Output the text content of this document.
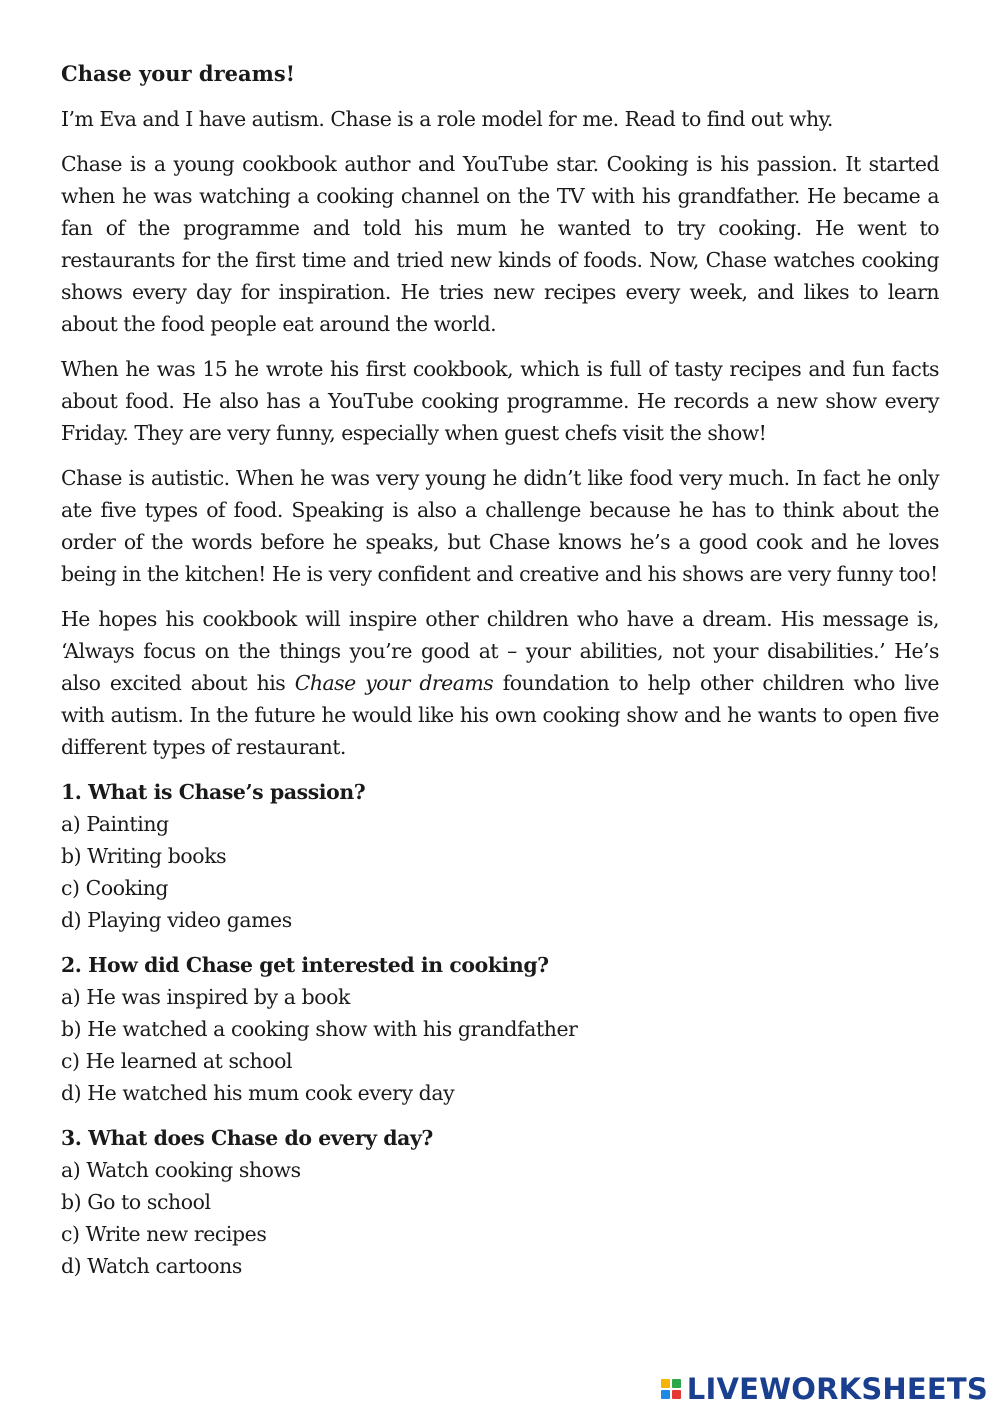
Chase your dreams!

I’m Eva and I have autism. Chase is a role model for me. Read to find out why.

Chase is a young cookbook author and YouTube star. Cooking is his passion. It started when he was watching a cooking channel on the TV with his grandfather. He became a fan of the programme and told his mum he wanted to try cooking. He went to restaurants for the first time and tried new kinds of foods. Now, Chase watches cooking shows every day for inspiration. He tries new recipes every week, and likes to learn about the food people eat around the world.

When he was 15 he wrote his first cookbook, which is full of tasty recipes and fun facts about food. He also has a YouTube cooking programme. He records a new show every Friday. They are very funny, especially when guest chefs visit the show!

Chase is autistic. When he was very young he didn’t like food very much. In fact he only ate five types of food. Speaking is also a challenge because he has to think about the order of the words before he speaks, but Chase knows he’s a good cook and he loves being in the kitchen! He is very confident and creative and his shows are very funny too!

He hopes his cookbook will inspire other children who have a dream. His message is, ‘Always focus on the things you’re good at – your abilities, not your disabilities.’ He’s also excited about his Chase your dreams foundation to help other children who live with autism. In the future he would like his own cooking show and he wants to open five different types of restaurant.

1. What is Chase’s passion?
a) Painting
b) Writing books
c) Cooking
d) Playing video games
2. How did Chase get interested in cooking?
a) He was inspired by a book
b) He watched a cooking show with his grandfather
c) He learned at school
d) He watched his mum cook every day
3. What does Chase do every day?
a) Watch cooking shows
b) Go to school
c) Write new recipes
d) Watch cartoons
LIVEWORKSHEETS
